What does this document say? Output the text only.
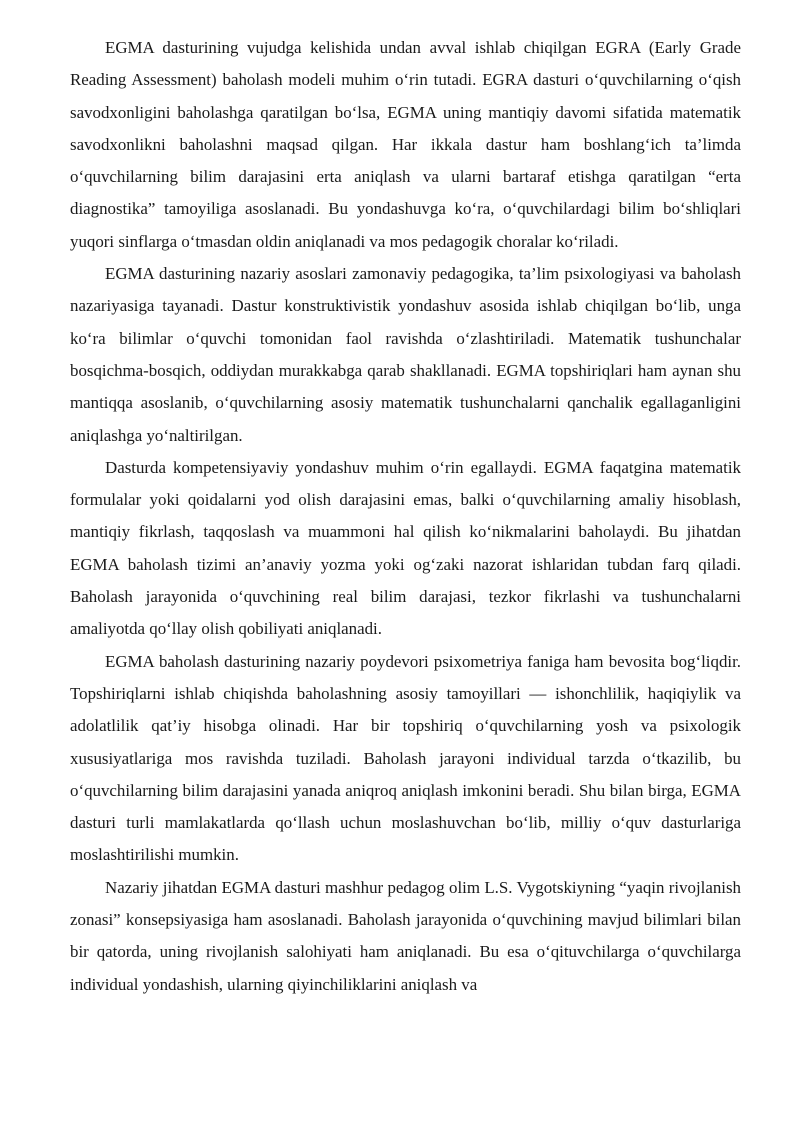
EGMA dasturining vujudga kelishida undan avval ishlab chiqilgan EGRA (Early Grade Reading Assessment) baholash modeli muhim o‘rin tutadi. EGRA dasturi o‘quvchilarning o‘qish savodxonligini baholashga qaratilgan bo‘lsa, EGMA uning mantiqiy davomi sifatida matematik savodxonlikni baholashni maqsad qilgan. Har ikkala dastur ham boshlang‘ich ta’limda o‘quvchilarning bilim darajasini erta aniqlash va ularni bartaraf etishga qaratilgan “erta diagnostika” tamoyiliga asoslanadi. Bu yondashuvga ko‘ra, o‘quvchilardagi bilim bo‘shliqlari yuqori sinflarga o‘tmasdan oldin aniqlanadi va mos pedagogik choralar ko‘riladi.

EGMA dasturining nazariy asoslari zamonaviy pedagogika, ta’lim psixologiyasi va baholash nazariyasiga tayanadi. Dastur konstruktivistik yondashuv asosida ishlab chiqilgan bo‘lib, unga ko‘ra bilimlar o‘quvchi tomonidan faol ravishda o‘zlashtiriladi. Matematik tushunchalar bosqichma-bosqich, oddiydan murakkabga qarab shakllanadi. EGMA topshiriqlari ham aynan shu mantiqqa asoslanib, o‘quvchilarning asosiy matematik tushunchalarni qanchalik egallaganligini aniqlashga yo‘naltirilgan.

Dasturda kompetensiyaviy yondashuv muhim o‘rin egallaydi. EGMA faqatgina matematik formulalar yoki qoidalarni yod olish darajasini emas, balki o‘quvchilarning amaliy hisoblash, mantiqiy fikrlash, taqqoslash va muammoni hal qilish ko‘nikmalarini baholaydi. Bu jihatdan EGMA baholash tizimi an’anaviy yozma yoki og‘zaki nazorat ishlaridan tubdan farq qiladi. Baholash jarayonida o‘quvchining real bilim darajasi, tezkor fikrlashi va tushunchalarni amaliyotda qo‘llay olish qobiliyati aniqlanadi.

EGMA baholash dasturining nazariy poydevori psixometriya faniga ham bevosita bog‘liqdir. Topshiriqlarni ishlab chiqishda baholashning asosiy tamoyillari — ishonchlilik, haqiqiylik va adolatlilik qat’iy hisobga olinadi. Har bir topshiriq o‘quvchilarning yosh va psixologik xususiyatlariga mos ravishda tuziladi. Baholash jarayoni individual tarzda o‘tkazilib, bu o‘quvchilarning bilim darajasini yanada aniqroq aniqlash imkonini beradi. Shu bilan birga, EGMA dasturi turli mamlakatlarda qo‘llash uchun moslashuvchan bo‘lib, milliy o‘quv dasturlariga moslashtirilishi mumkin.

Nazariy jihatdan EGMA dasturi mashhur pedagog olim L.S. Vygotskiyning “yaqin rivojlanish zonasi” konsepsiyasiga ham asoslanadi. Baholash jarayonida o‘quvchining mavjud bilimlari bilan bir qatorda, uning rivojlanish salohiyati ham aniqlanadi. Bu esa o‘qituvchilarga o‘quvchilarga individual yondashish, ularning qiyinchiliklarini aniqlash va
